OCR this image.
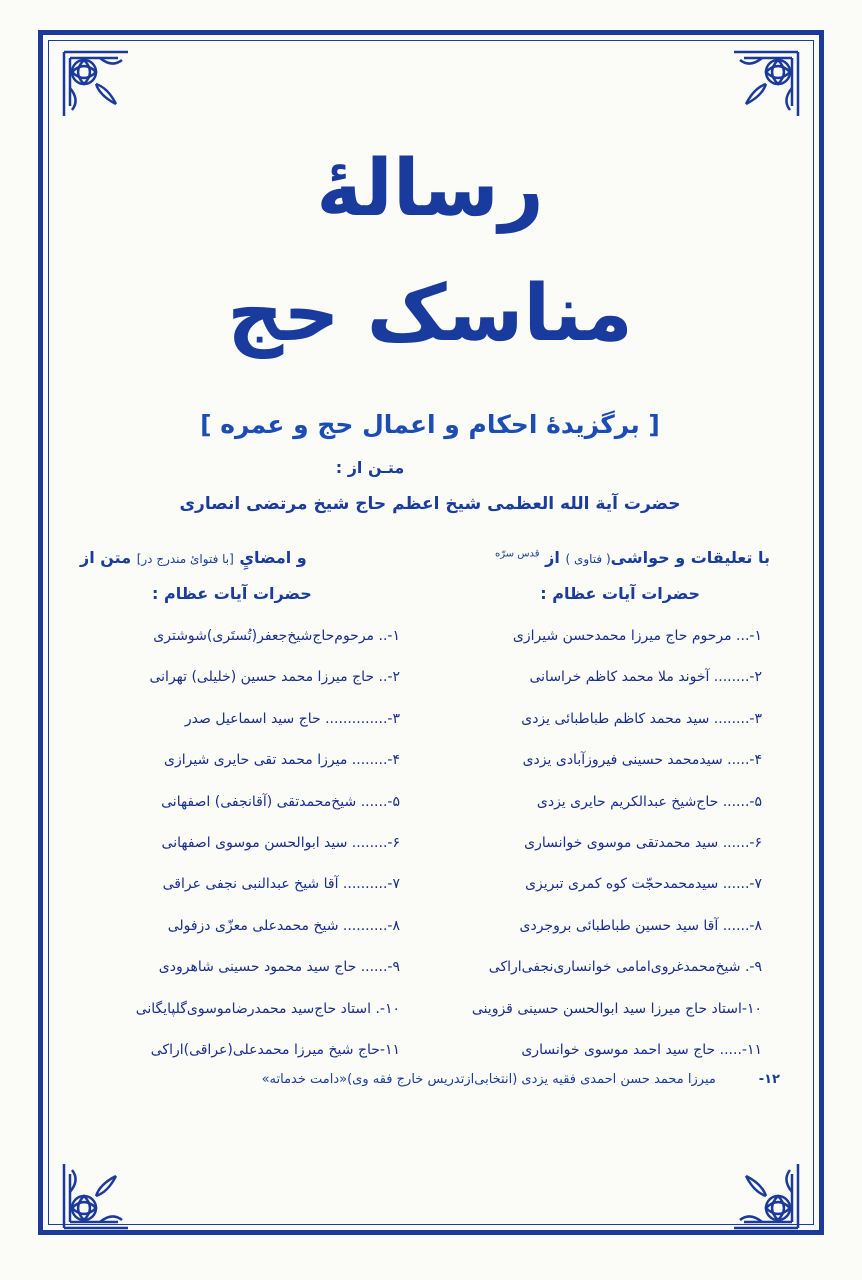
رسالهٔ
مناسک حج
[ برگزیدهٔ احکام و اعمال حج و عمره ]
متـن از :
حضرت آیة الله العظمی شیخ اعظم حاج شیخ مرتضی انصاری
با تعلیقات و حواشی( فتاوی ) از $^{قدس سرّه}$
حضرات آیات عظام :
۱-... مرحوم حاج میرزا محمدحسن شیرازی
۲-........ آخوند ملا محمد کاظم خراسانی
۳-........ سید محمد کاظم طباطبائی یزدی
۴-..... سیدمحمد حسینی فیروزآبادی یزدی
۵-...... حاج‌شیخ عبدالکریم حایری یزدی
۶-...... سید محمدتقی موسوی خوانساری
۷-...... سیدمحمدحجّت کوه کمری تبریزی
۸-...... آقا سید حسین طباطبائی بروجردی
۹-. شیخ‌محمدغروی‌امامی خوانساری‌نجفی‌اراکی
۱۰-استاد حاج میرزا سید ابوالحسن حسینی قزوینی
۱۱-..... حاج سید احمد موسوی خوانساری
و امضايِ [با فتوائ مندرج در] متن از
حضرات آیات عظام :
۱-.. مرحوم‌حاج‌شیخ‌جعفر(تُستَری)شوشتری
۲-.. حاج میرزا محمد حسین (خلیلی) تهرانی
۳-.............. حاج سید اسماعیل صدر
۴-........ میرزا محمد تقی حایری شیرازی
۵-...... شیخ‌محمدتقی (آقانجفی) اصفهانی
۶-........ سید ابوالحسن موسوی اصفهانی
۷-.......... آقا شیخ عبدالنبی نجفی عراقی
۸-.......... شیخ محمدعلی معزّی دزفولی
۹-...... حاج سید محمود حسینی شاهرودی
۱۰-. استاد حاج‌سید محمدرضاموسوی‌گلپایگانی
۱۱-حاج شیخ میرزا محمدعلی(عراقی)اراکی
۱۲- میرزا محمد حسن احمدی فقیه یزدی (انتخابی‌ازتدریس خارج فقه وی)«دامت خدماته»
